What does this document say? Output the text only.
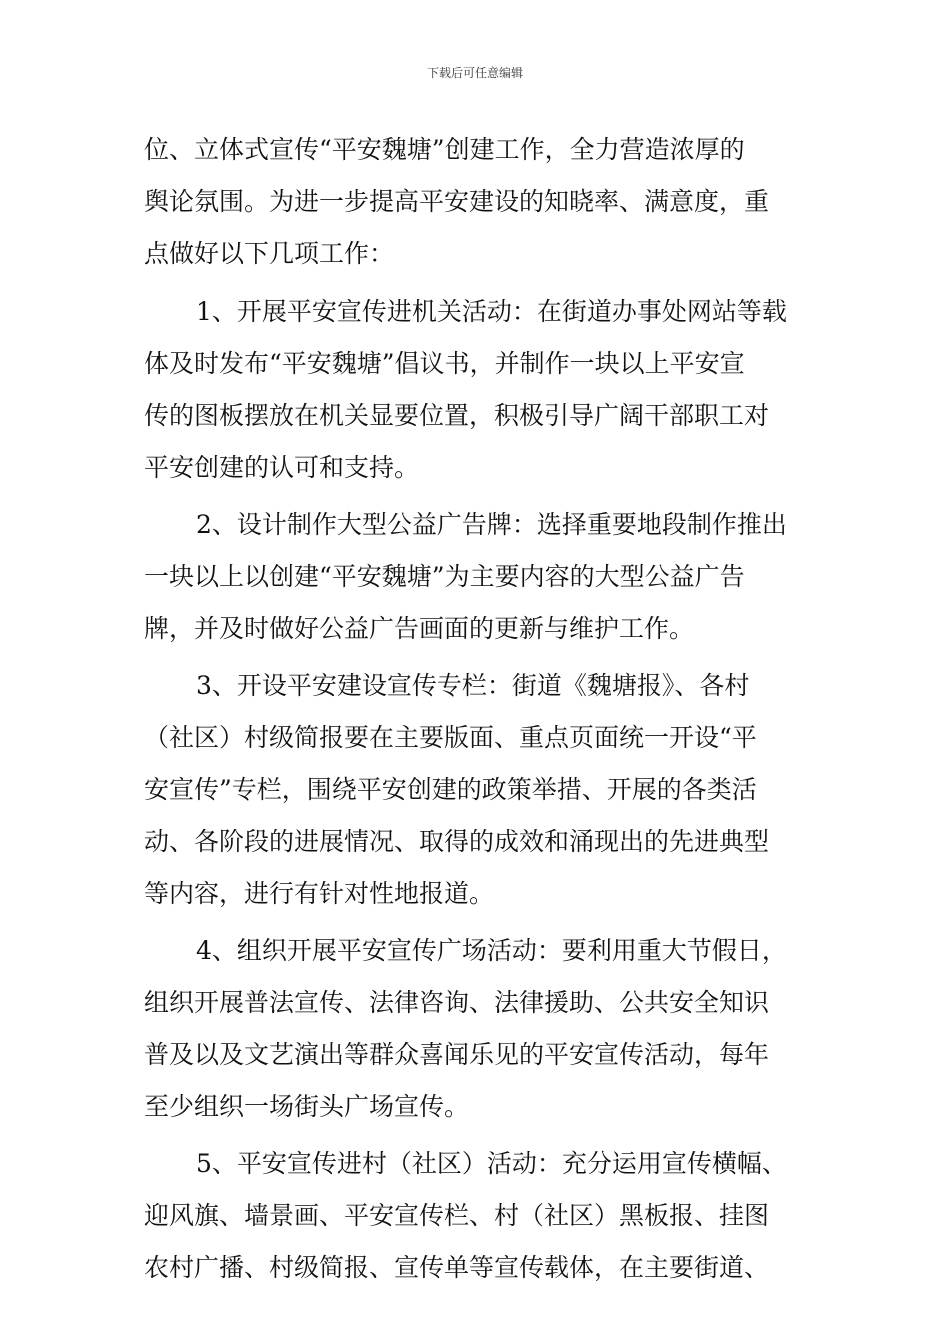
下载后可任意编辑
位、立体式宣传“平安魏塘”创建工作，全力营造浓厚的
舆论氛围。为进一步提高平安建设的知晓率、满意度，重
点做好以下几项工作：
1、开展平安宣传进机关活动：在街道办事处网站等载
体及时发布“平安魏塘”倡议书，并制作一块以上平安宣
传的图板摆放在机关显要位置，积极引导广阔干部职工对
平安创建的认可和支持。
2、设计制作大型公益广告牌：选择重要地段制作推出
一块以上以创建“平安魏塘”为主要内容的大型公益广告
牌，并及时做好公益广告画面的更新与维护工作。
3、开设平安建设宣传专栏：街道《魏塘报》、各村
（社区）村级简报要在主要版面、重点页面统一开设“平
安宣传”专栏，围绕平安创建的政策举措、开展的各类活
动、各阶段的进展情况、取得的成效和涌现出的先进典型
等内容，进行有针对性地报道。
4、组织开展平安宣传广场活动：要利用重大节假日，
组织开展普法宣传、法律咨询、法律援助、公共安全知识
普及以及文艺演出等群众喜闻乐见的平安宣传活动，每年
至少组织一场街头广场宣传。
5、平安宣传进村（社区）活动：充分运用宣传横幅、
迎风旗、墙景画、平安宣传栏、村（社区）黑板报、挂图
农村广播、村级简报、宣传单等宣传载体，在主要街道、
